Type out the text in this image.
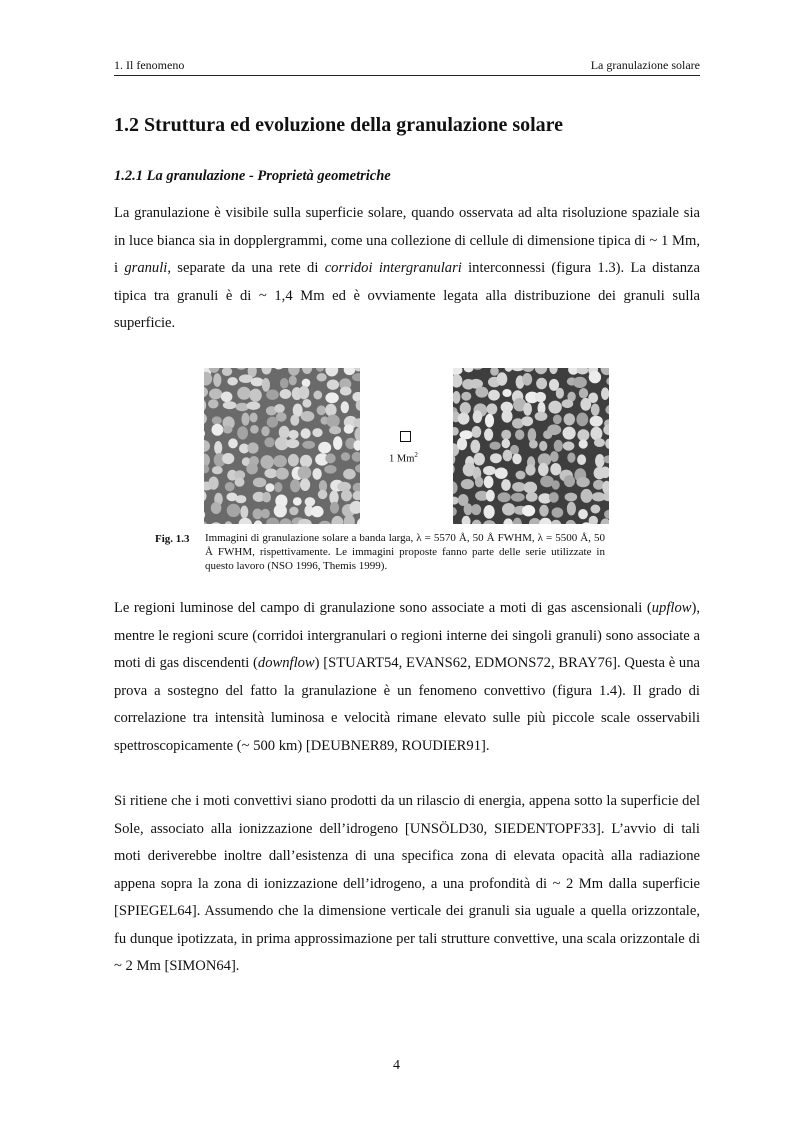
1. Il fenomeno	La granulazione solare
1.2 Struttura ed evoluzione della granulazione solare
1.2.1 La granulazione - Proprietà geometriche

La granulazione è visibile sulla superficie solare, quando osservata ad alta risoluzione spaziale sia in luce bianca sia in dopplergrammi, come una collezione di cellule di dimensione tipica di ~ 1 Mm, i granuli, separate da una rete di corridoi intergranulari interconnessi (figura 1.3). La distanza tipica tra granuli è di ~ 1,4 Mm ed è ovviamente legata alla distribuzione dei granuli sulla superficie.

1 Mm$^2$
Fig. 1.3 Immagini di granulazione solare a banda larga, λ = 5570 Å, 50 Å FWHM, λ = 5500 Å, 50 Å FWHM, rispettivamente. Le immagini proposte fanno parte delle serie utilizzate in questo lavoro (NSO 1996, Themis 1999).

Le regioni luminose del campo di granulazione sono associate a moti di gas ascensionali (upflow), mentre le regioni scure (corridoi intergranulari o regioni interne dei singoli granuli) sono associate a moti di gas discendenti (downflow) [STUART54, EVANS62, EDMONS72, BRAY76]. Questa è una prova a sostegno del fatto la granulazione è un fenomeno convettivo (figura 1.4). Il grado di correlazione tra intensità luminosa e velocità rimane elevato sulle più piccole scale osservabili spettroscopicamente (~ 500 km) [DEUBNER89, ROUDIER91].

Si ritiene che i moti convettivi siano prodotti da un rilascio di energia, appena sotto la superficie del Sole, associato alla ionizzazione dell’idrogeno [UNSÖLD30, SIEDENTOPF33]. L’avvio di tali moti deriverebbe inoltre dall’esistenza di una specifica zona di elevata opacità alla radiazione appena sopra la zona di ionizzazione dell’idrogeno, a una profondità di ~ 2 Mm dalla superficie [SPIEGEL64]. Assumendo che la dimensione verticale dei granuli sia uguale a quella orizzontale, fu dunque ipotizzata, in prima approssimazione per tali strutture convettive, una scala orizzontale di ~ 2 Mm [SIMON64].

4
